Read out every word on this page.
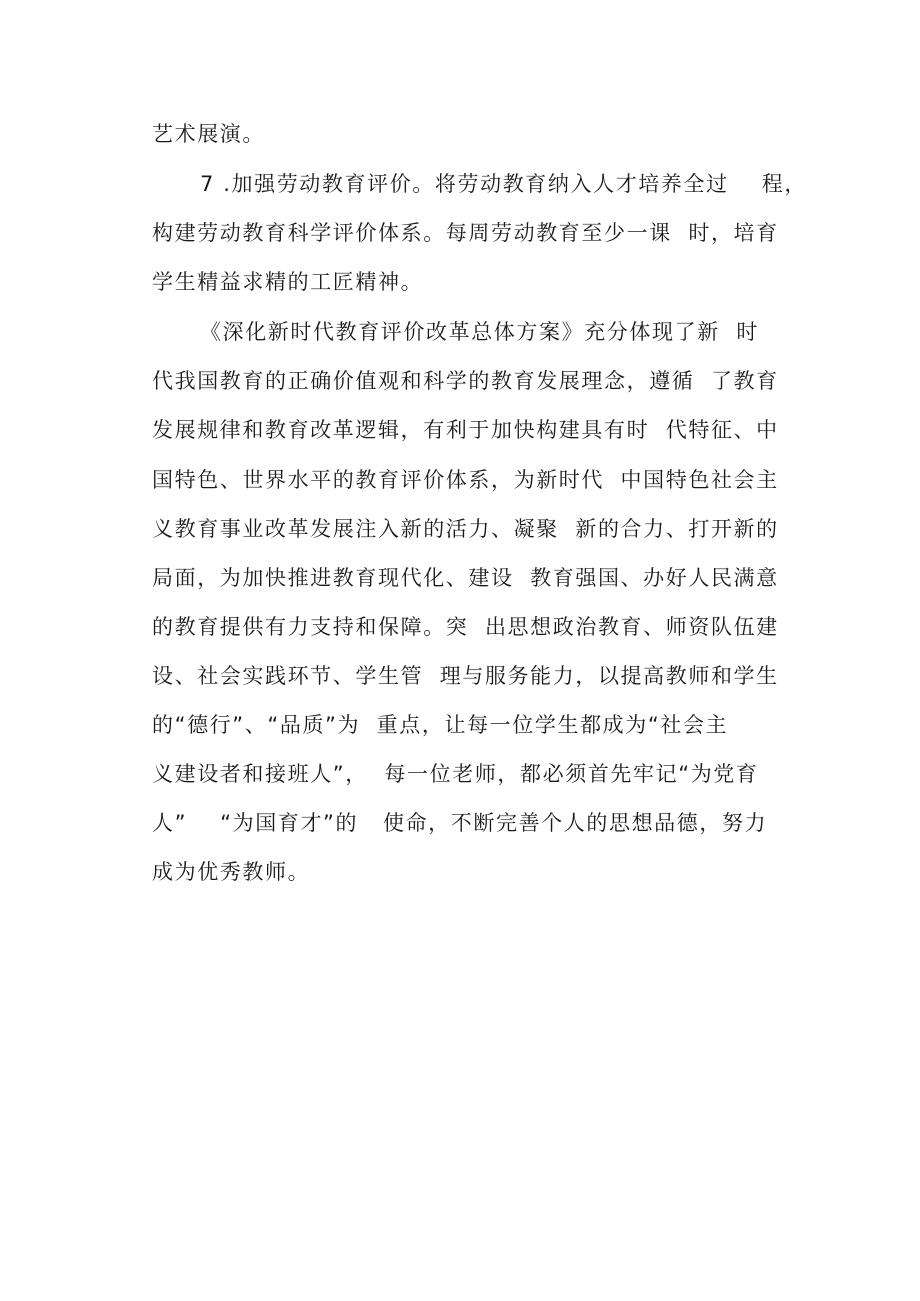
艺术展演。

7 .加强劳动教育评价。将劳动教育纳入人才培养全过    程，

构建劳动教育科学评价体系。每周劳动教育至少一课  时，培育

学生精益求精的工匠精神。

《深化新时代教育评价改革总体方案》充分体现了新  时

代我国教育的正确价值观和科学的教育发展理念，遵循  了教育

发展规律和教育改革逻辑，有利于加快构建具有时  代特征、中

国特色、世界水平的教育评价体系，为新时代  中国特色社会主

义教育事业改革发展注入新的活力、凝聚  新的合力、打开新的

局面，为加快推进教育现代化、建设  教育强国、办好人民满意

的教育提供有力支持和保障。突  出思想政治教育、师资队伍建

设、社会实践环节、学生管  理与服务能力，以提高教师和学生

的“德行”、“品质”为  重点，让每一位学生都成为“社会主

义建设者和接班人”，  每一位老师，都必须首先牢记“为党育

人”    “为国育才”的   使命，不断完善个人的思想品德，努力

成为优秀教师。
